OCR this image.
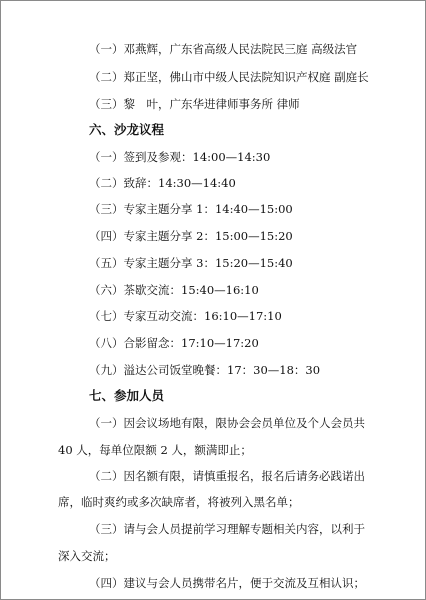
（一）邓燕辉，广东省高级人民法院民三庭 高级法官
（二）郑正坚，佛山市中级人民法院知识产权庭 副庭长
（三）黎　叶，广东华进律师事务所 律师
六、沙龙议程
（一）签到及参观：14:00—14:30
（二）致辞：14:30—14:40
（三）专家主题分享 1：14:40—15:00
（四）专家主题分享 2：15:00—15:20
（五）专家主题分享 3：15:20—15:40
（六）茶歇交流：15:40—16:10
（七）专家互动交流：16:10—17:10
（八）合影留念：17:10—17:20
（九）溢达公司饭堂晚餐：17：30—18：30
七、参加人员
（一）因会议场地有限，限协会会员单位及个人会员共
40 人，每单位限额 2 人，额满即止；
（二）因名额有限，请慎重报名，报名后请务必践诺出
席，临时爽约或多次缺席者，将被列入黑名单；
（三）请与会人员提前学习理解专题相关内容，以利于
深入交流；
（四）建议与会人员携带名片，便于交流及互相认识；
